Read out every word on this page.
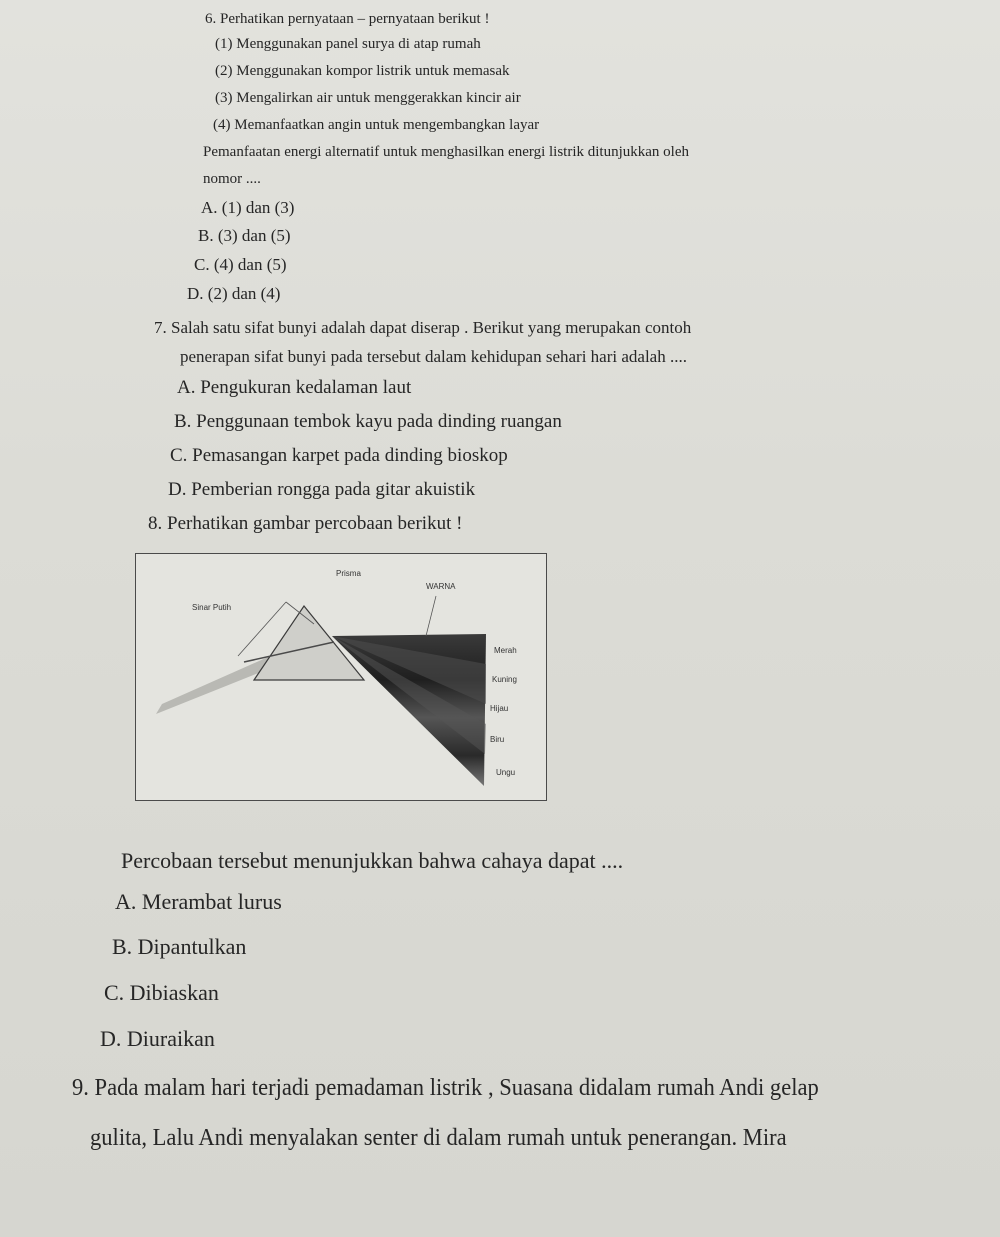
6. Perhatikan pernyataan – pernyataan berikut !
(1) Menggunakan panel surya di atap rumah
(2) Menggunakan kompor listrik untuk memasak
(3) Mengalirkan air untuk menggerakkan kincir air
(4) Memanfaatkan angin untuk mengembangkan layar
Pemanfaatan energi alternatif untuk menghasilkan energi listrik ditunjukkan oleh
nomor ....
A. (1) dan (3)
B. (3) dan (5)
C. (4) dan (5)
D. (2) dan (4)
7. Salah satu sifat bunyi adalah dapat diserap . Berikut yang merupakan contoh
penerapan sifat bunyi pada tersebut dalam kehidupan sehari hari adalah ....
A. Pengukuran kedalaman laut
B. Penggunaan tembok kayu pada dinding ruangan
C. Pemasangan karpet pada dinding bioskop
D. Pemberian rongga pada gitar akuistik
8. Perhatikan gambar percobaan berikut !
Prisma
WARNA
Sinar Putih
Merah
Kuning
Hijau
Biru
Ungu
Percobaan tersebut menunjukkan bahwa cahaya dapat ....
A. Merambat lurus
B. Dipantulkan
C. Dibiaskan
D. Diuraikan
9. Pada malam hari terjadi pemadaman listrik , Suasana didalam rumah Andi gelap
gulita, Lalu Andi menyalakan senter di dalam rumah untuk penerangan. Mira
